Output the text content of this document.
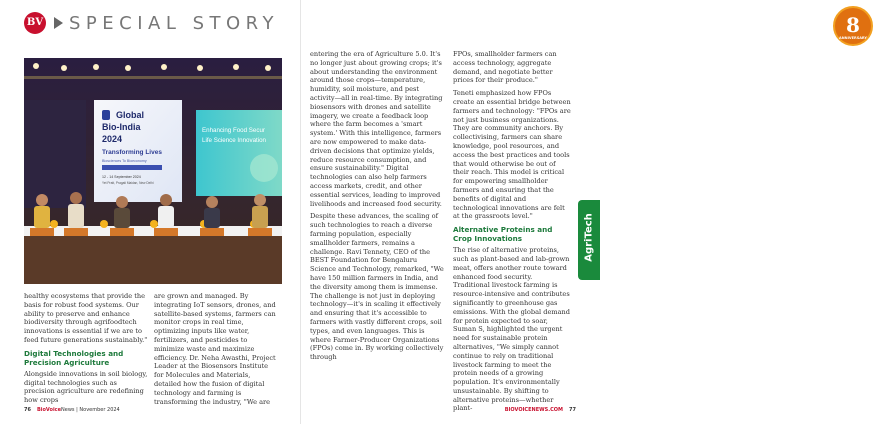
BV SPECIAL STORY
Global
Bio-India
2024
Transforming Lives
Biosciences To Bioeconomy
12 - 14 September 2024
Yet Pratt, Pragati Maidan, New Delhi
Enhancing Food Secur
Life Science Innovation

healthy ecosystems that provide the basis for robust food systems. Our ability to preserve and enhance biodiversity through agrifoodtech innovations is essential if we are to feed future generations sustainably."

Digital Technologies and Precision Agriculture

Alongside innovations in soil biology, digital technologies such as precision agriculture are redefining how crops

are grown and managed. By integrating IoT sensors, drones, and satellite-based systems, farmers can monitor crops in real time, optimizing inputs like water, fertilizers, and pesticides to minimize waste and maximize efficiency. Dr. Neha Awasthi, Project Leader at the Biosensors Institute for Molecules and Materials, detailed how the fusion of digital technology and farming is transforming the industry, "We are

76 BioVoiceNews | November 2024
8
ANNIVERSARY

entering the era of Agriculture 5.0. It's no longer just about growing crops; it's about understanding the environment around those crops—temperature, humidity, soil moisture, and pest activity—all in real-time. By integrating biosensors with drones and satellite imagery, we create a feedback loop where the farm becomes a 'smart system.' With this intelligence, farmers are now empowered to make data-driven decisions that optimize yields, reduce resource consumption, and ensure sustainability." Digital technologies can also help farmers access markets, credit, and other essential services, leading to improved livelihoods and increased food security.

Despite these advances, the scaling of such technologies to reach a diverse farming population, especially smallholder farmers, remains a challenge. Ravi Tennety, CEO of the BEST Foundation for Bengaluru Science and Technology, remarked, "We have 150 million farmers in India, and the diversity among them is immense. The challenge is not just in deploying technology—it's in scaling it effectively and ensuring that it's accessible to farmers with vastly different crops, soil types, and even languages. This is where Farmer-Producer Organizations (FPOs) come in. By working collectively through

FPOs, smallholder farmers can access technology, aggregate demand, and negotiate better prices for their produce."

Teneti emphasized how FPOs create an essential bridge between farmers and technology: "FPOs are not just business organizations. They are community anchors. By collectivising, farmers can share knowledge, pool resources, and access the best practices and tools that would otherwise be out of their reach. This model is critical for empowering smallholder farmers and ensuring that the benefits of digital and technological innovations are felt at the grassroots level."

Alternative Proteins and Crop Innovations

The rise of alternative proteins, such as plant-based and lab-grown meat, offers another route toward enhanced food security. Traditional livestock farming is resource-intensive and contributes significantly to greenhouse gas emissions. With the global demand for protein expected to soar, Suman S, highlighted the urgent need for sustainable protein alternatives, "We simply cannot continue to rely on traditional livestock farming to meet the protein needs of a growing population. It's environmentally unsustainable. By shifting to alternative proteins—whether plant-

AgriTech
BIOVOICENEWS.COM 77
